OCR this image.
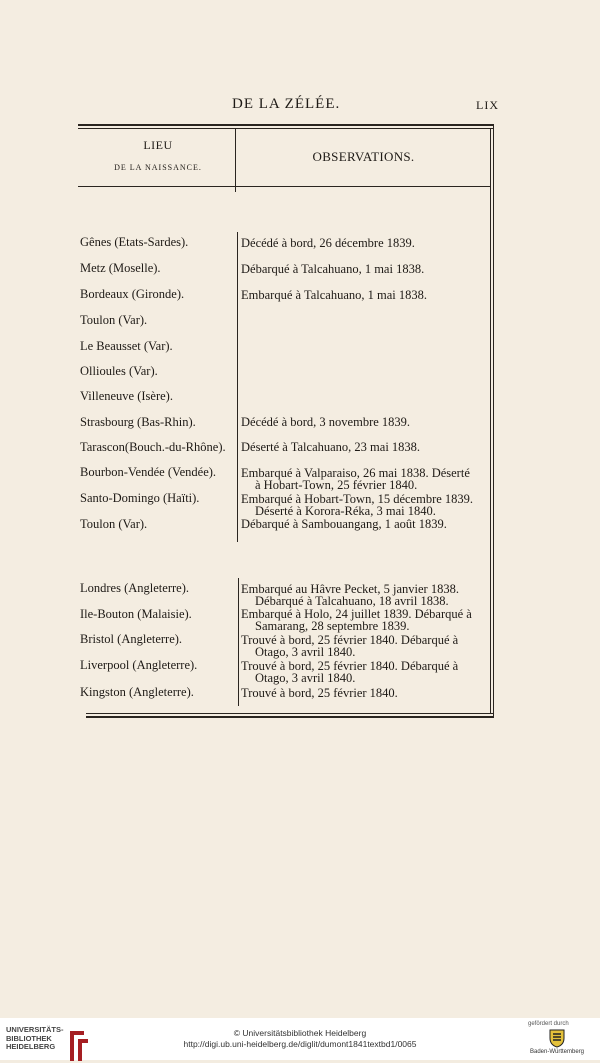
DE LA ZÉLÉE.	LIX
LIEU
DE LA NAISSANCE.
OBSERVATIONS.
Gênes (Etats-Sardes).	Décédé à bord, 26 décembre 1839.
Metz (Moselle).	Débarqué à Talcahuano, 1 mai 1838.
Bordeaux (Gironde).	Embarqué à Talcahuano, 1 mai 1838.
Toulon (Var).
Le Beausset (Var).
Ollioules (Var).
Villeneuve (Isère).
Strasbourg (Bas-Rhin).	Décédé à bord, 3 novembre 1839.
Tarascon(Bouch.-du-Rhône). Déserté à Talcahuano, 23 mai 1838.
Bourbon-Vendée (Vendée). Embarqué à Valparaiso, 26 mai 1838. Déserté
à Hobart-Town, 25 février 1840.
Santo-Domingo (Haïti).	Embarqué à Hobart-Town, 15 décembre 1839.
Déserté à Korora-Réka, 3 mai 1840.
Toulon (Var).	Débarqué à Sambouangang, 1 août 1839.
Londres (Angleterre).	Embarqué au Hâvre Pecket, 5 janvier 1838.
Débarqué à Talcahuano, 18 avril 1838.
Ile-Bouton (Malaisie).	Embarqué à Holo, 24 juillet 1839. Débarqué à
Samarang, 28 septembre 1839.
Bristol (Angleterre).	Trouvé à bord, 25 février 1840. Débarqué à
Otago, 3 avril 1840.
Liverpool (Angleterre).	Trouvé à bord, 25 février 1840. Débarqué à
Otago, 3 avril 1840.
Kingston (Angleterre).	Trouvé à bord, 25 février 1840.
UNIVERSITÄTS-
BIBLIOTHEK
HEIDELBERG
© Universitätsbibliothek Heidelberg
http://digi.ub.uni-heidelberg.de/diglit/dumont1841textbd1/0065
gefördert durch
Baden-Württemberg
